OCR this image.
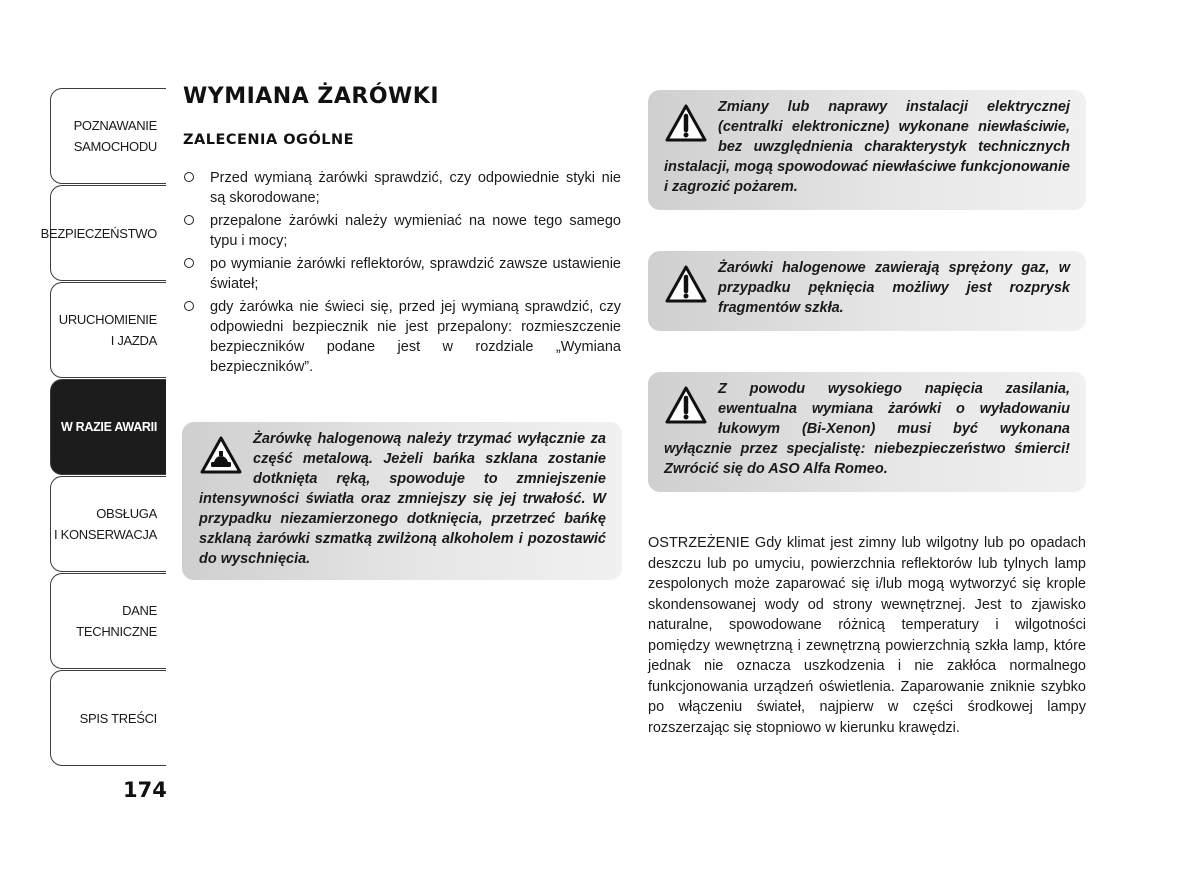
POZNAWANIE
SAMOCHODU
BEZPIECZEŃSTWO
URUCHOMIENIE
I JAZDA
W RAZIE AWARII
OBSŁUGA
I KONSERWACJA
DANE
TECHNICZNE
SPIS TREŚCI
174
WYMIANA ŻARÓWKI
ZALECENIA OGÓLNE
Przed wymianą żarówki sprawdzić, czy odpowiednie styki nie są skorodowane;
przepalone żarówki należy wymieniać na nowe tego samego typu i mocy;
po wymianie żarówki reflektorów, sprawdzić zawsze ustawienie świateł;
gdy żarówka nie świeci się, przed jej wymianą sprawdzić, czy odpowiedni bezpiecznik nie jest przepalony: rozmieszczenie bezpieczników podane jest w rozdziale „Wymiana bezpieczników”.

Żarówkę halogenową należy trzymać wyłącznie za część metalową. Jeżeli bańka szklana zostanie dotknięta ręką, spowoduje to zmniejszenie intensywności światła oraz zmniejszy się jej trwałość. W przypadku niezamierzonego dotknięcia, przetrzeć bańkę szklaną żarówki szmatką zwilżoną alkoholem i pozostawić do wyschnięcia.

Zmiany lub naprawy instalacji elektrycznej (centralki elektroniczne) wykonane niewłaściwie, bez uwzględnienia charakterystyk technicznych instalacji, mogą spowodować niewłaściwe funkcjonowanie i zagrozić pożarem.

Żarówki halogenowe zawierają sprężony gaz, w przypadku pęknięcia możliwy jest rozprysk fragmentów szkła.

Z powodu wysokiego napięcia zasilania, ewentualna wymiana żarówki o wyładowaniu łukowym (Bi-Xenon) musi być wykonana wyłącznie przez specjalistę: niebezpieczeństwo śmierci! Zwrócić się do ASO Alfa Romeo.

OSTRZEŻENIE Gdy klimat jest zimny lub wilgotny lub po opadach deszczu lub po umyciu, powierzchnia reflektorów lub tylnych lamp zespolonych może zaparować się i/lub mogą wytworzyć się krople skondensowanej wody od strony wewnętrznej. Jest to zjawisko naturalne, spowodowane różnicą temperatury i wilgotności pomiędzy wewnętrzną i zewnętrzną powierzchnią szkła lamp, które jednak nie oznacza uszkodzenia i nie zakłóca normalnego funkcjonowania urządzeń oświetlenia. Zaparowanie zniknie szybko po włączeniu świateł, najpierw w części środkowej lampy rozszerzając się stopniowo w kierunku krawędzi.
